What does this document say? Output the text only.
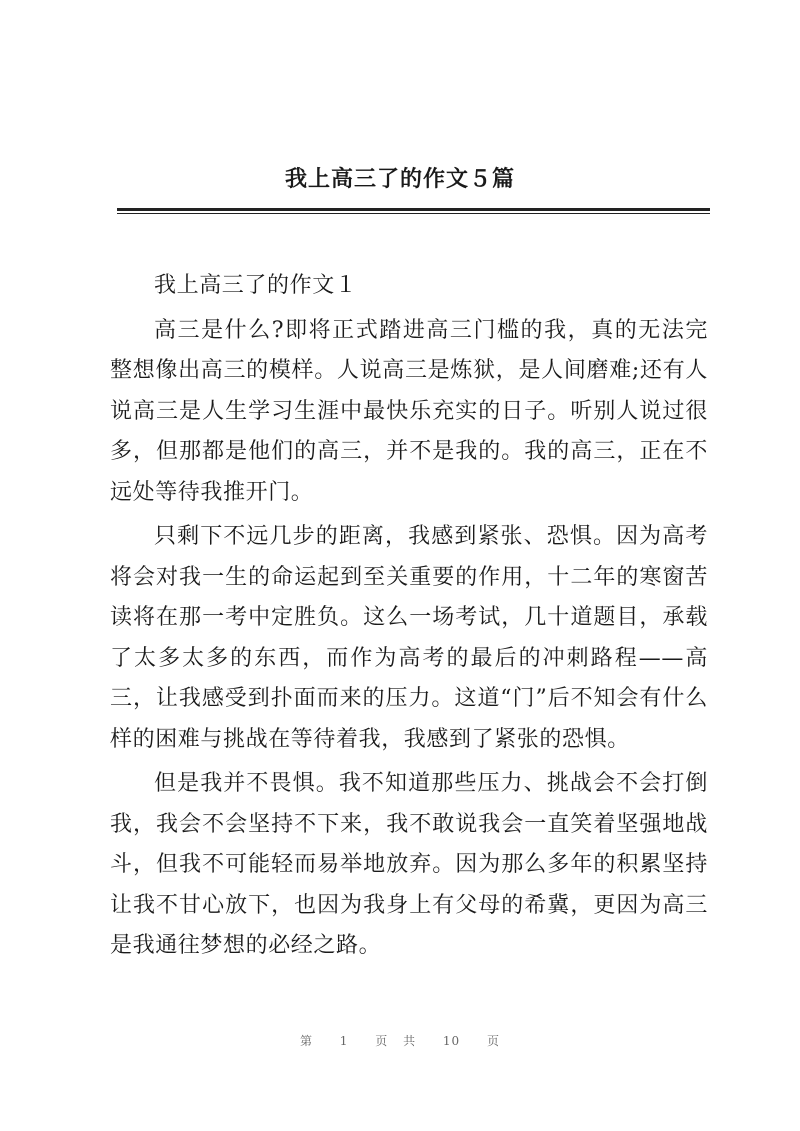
我上高三了的作文５篇

我上高三了的作文１

高三是什么?即将正式踏进高三门槛的我，真的无法完整想像出高三的模样。人说高三是炼狱，是人间磨难;还有人说高三是人生学习生涯中最快乐充实的日子。听别人说过很多，但那都是他们的高三，并不是我的。我的高三，正在不远处等待我推开门。

只剩下不远几步的距离，我感到紧张、恐惧。因为高考将会对我一生的命运起到至关重要的作用，十二年的寒窗苦读将在那一考中定胜负。这么一场考试，几十道题目，承载了太多太多的东西，而作为高考的最后的冲刺路程——高三，让我感受到扑面而来的压力。这道“门”后不知会有什么样的困难与挑战在等待着我，我感到了紧张的恐惧。

但是我并不畏惧。我不知道那些压力、挑战会不会打倒我，我会不会坚持不下来，我不敢说我会一直笑着坚强地战斗，但我不可能轻而易举地放弃。因为那么多年的积累坚持让我不甘心放下，也因为我身上有父母的希冀，更因为高三是我通往梦想的必经之路。

第 1 页 共 10 页
